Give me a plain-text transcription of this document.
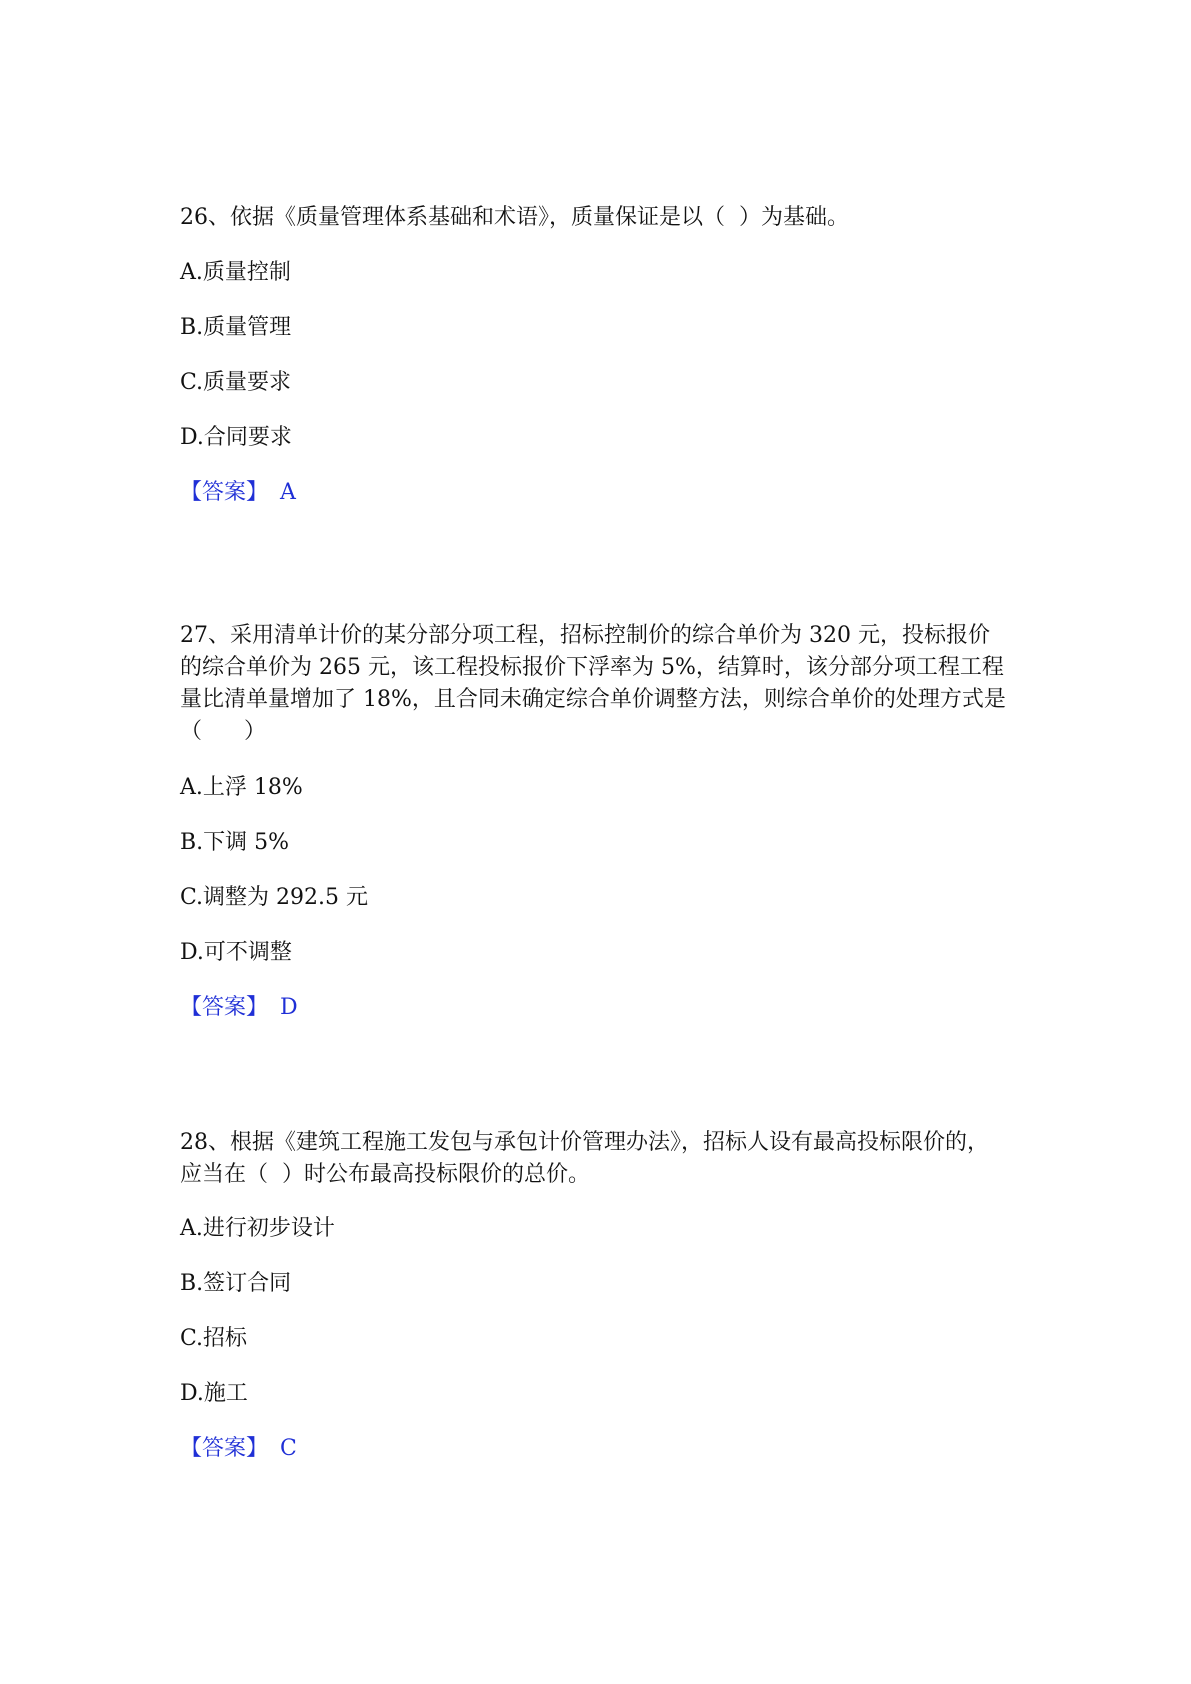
26、依据《质量管理体系基础和术语》，质量保证是以（  ）为基础。

A.质量控制

B.质量管理

C.质量要求

D.合同要求

【答案】 A

27、采用清单计价的某分部分项工程，招标控制价的综合单价为 320 元，投标报价的综合单价为 265 元，该工程投标报价下浮率为 5%，结算时，该分部分项工程工程量比清单量增加了 18%，且合同未确定综合单价调整方法，则综合单价的处理方式是（      ）

A.上浮 18%

B.下调 5%

C.调整为 292.5 元

D.可不调整

【答案】 D

28、根据《建筑工程施工发包与承包计价管理办法》，招标人设有最高投标限价的，应当在（  ）时公布最高投标限价的总价。

A.进行初步设计

B.签订合同

C.招标

D.施工

【答案】 C
